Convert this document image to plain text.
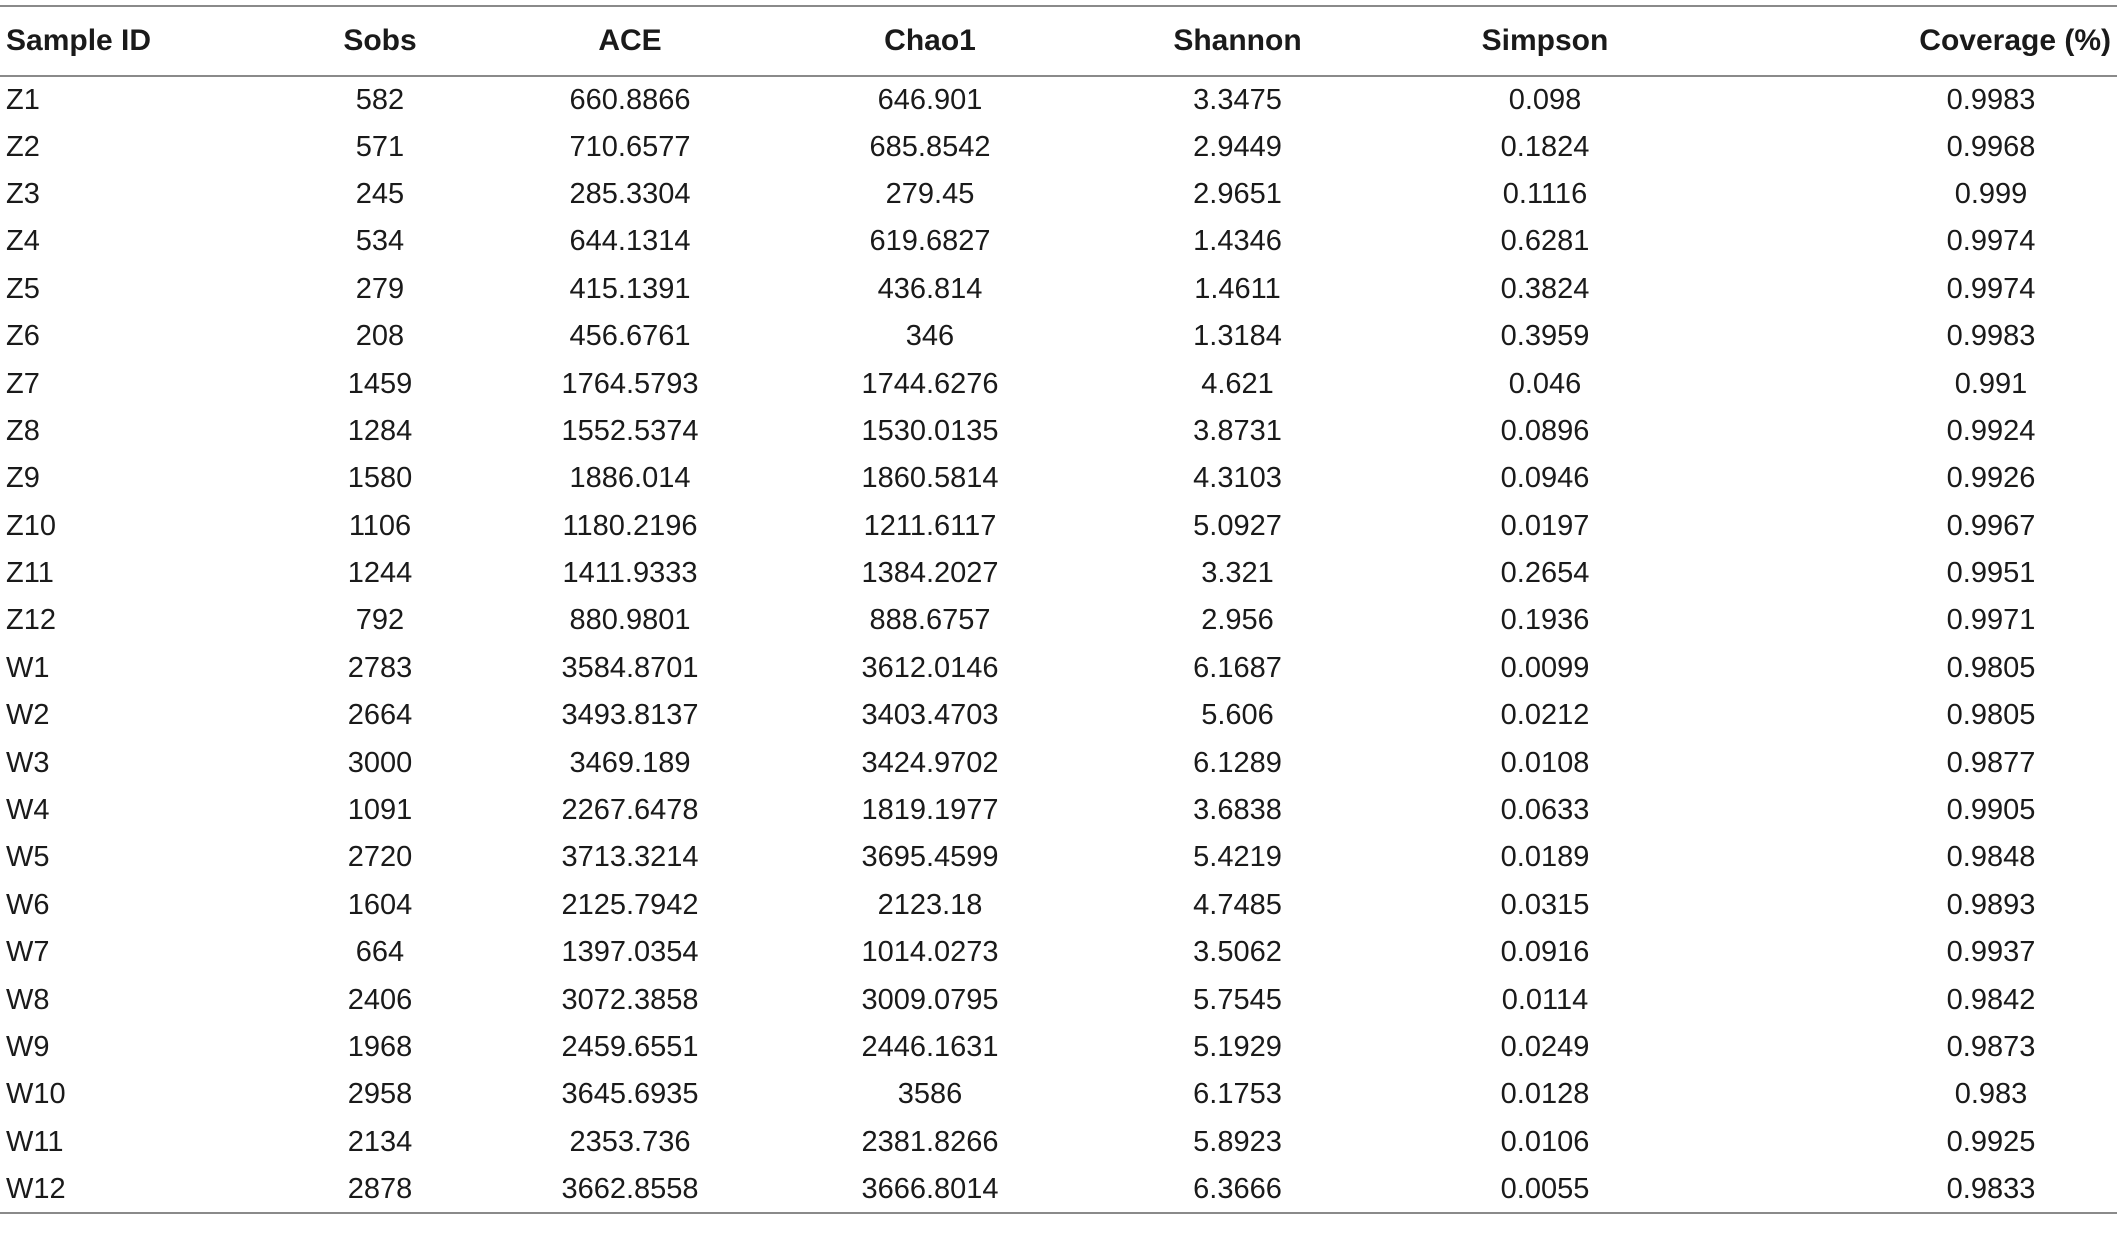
Sample ID	Sobs	ACE	Chao1	Shannon	Simpson	Coverage (%)
Z1	582	660.8866	646.901	3.3475	0.098	0.9983
Z2	571	710.6577	685.8542	2.9449	0.1824	0.9968
Z3	245	285.3304	279.45	2.9651	0.1116	0.999
Z4	534	644.1314	619.6827	1.4346	0.6281	0.9974
Z5	279	415.1391	436.814	1.4611	0.3824	0.9974
Z6	208	456.6761	346	1.3184	0.3959	0.9983
Z7	1459	1764.5793	1744.6276	4.621	0.046	0.991
Z8	1284	1552.5374	1530.0135	3.8731	0.0896	0.9924
Z9	1580	1886.014	1860.5814	4.3103	0.0946	0.9926
Z10	1106	1180.2196	1211.6117	5.0927	0.0197	0.9967
Z11	1244	1411.9333	1384.2027	3.321	0.2654	0.9951
Z12	792	880.9801	888.6757	2.956	0.1936	0.9971
W1	2783	3584.8701	3612.0146	6.1687	0.0099	0.9805
W2	2664	3493.8137	3403.4703	5.606	0.0212	0.9805
W3	3000	3469.189	3424.9702	6.1289	0.0108	0.9877
W4	1091	2267.6478	1819.1977	3.6838	0.0633	0.9905
W5	2720	3713.3214	3695.4599	5.4219	0.0189	0.9848
W6	1604	2125.7942	2123.18	4.7485	0.0315	0.9893
W7	664	1397.0354	1014.0273	3.5062	0.0916	0.9937
W8	2406	3072.3858	3009.0795	5.7545	0.0114	0.9842
W9	1968	2459.6551	2446.1631	5.1929	0.0249	0.9873
W10	2958	3645.6935	3586	6.1753	0.0128	0.983
W11	2134	2353.736	2381.8266	5.8923	0.0106	0.9925
W12	2878	3662.8558	3666.8014	6.3666	0.0055	0.9833
